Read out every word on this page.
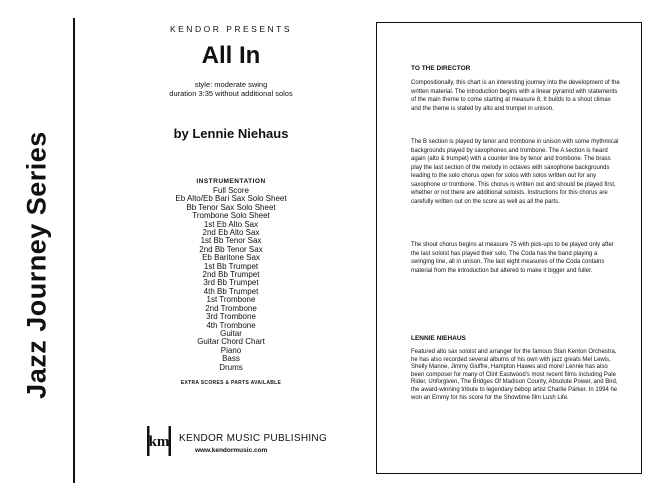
Jazz Journey Series
KENDOR PRESENTS
All In
style: moderate swing
duration 3:35 without additional solos
by Lennie Niehaus
INSTRUMENTATION
Full Score
Eb Alto/Eb Bari Sax Solo Sheet
Bb Tenor Sax Solo Sheet
Trombone Solo Sheet
1st Eb Alto Sax
2nd Eb Alto Sax
1st Bb Tenor Sax
2nd Bb Tenor Sax
Eb Baritone Sax
1st Bb Trumpet
2nd Bb Trumpet
3rd Bb Trumpet
4th Bb Trumpet
1st Trombone
2nd Trombone
3rd Trombone
4th Trombone
Guitar
Guitar Chord Chart
Piano
Bass
Drums
EXTRA SCORES & PARTS AVAILABLE
km KENDOR MUSIC PUBLISHING
www.kendormusic.com
TO THE DIRECTOR

Compositionally, this chart is an interesting journey into the development of the written material. The introduction begins with a linear pyramid with statements of the main theme to come starting at measure 8. It builds to a shout climax and the theme is stated by alto and trumpet in unison.

The B section is played by tenor and trombone in unison with some rhythmical backgrounds played by saxophones and trombone. The A section is heard again (alto & trumpet) with a counter line by tenor and trombone. The brass play the last section of the melody in octaves with saxophone backgrounds leading to the solo chorus open for solos with solos written out for any saxophone or trombone. This chorus is written out and should be played first, whether or not there are additional soloists. Instructions for this chorus are carefully written out on the score as well as all the parts.

The shout chorus begins at measure 75 with pick-ups to be played only after the last soloist has played their solo. The Coda has the band playing a swinging line, all in unison. The last eight measures of the Coda contains material from the introduction but altered to make it bigger and fuller.

LENNIE NIEHAUS

Featured alto sax soloist and arranger for the famous Stan Kenton Orchestra, he has also recorded several albums of his own with jazz greats Mel Lewis, Shelly Manne, Jimmy Giuffre, Hampton Hawes and more! Lennie has also been composer for many of Clint Eastwood's most recent films including Pale Rider, Unforgiven, The Bridges Of Madison County, Absolute Power, and Bird, the award-winning tribute to legendary bebop artist Charlie Parker. In 1994 he won an Emmy for his score for the Showtime film Lush Life.
